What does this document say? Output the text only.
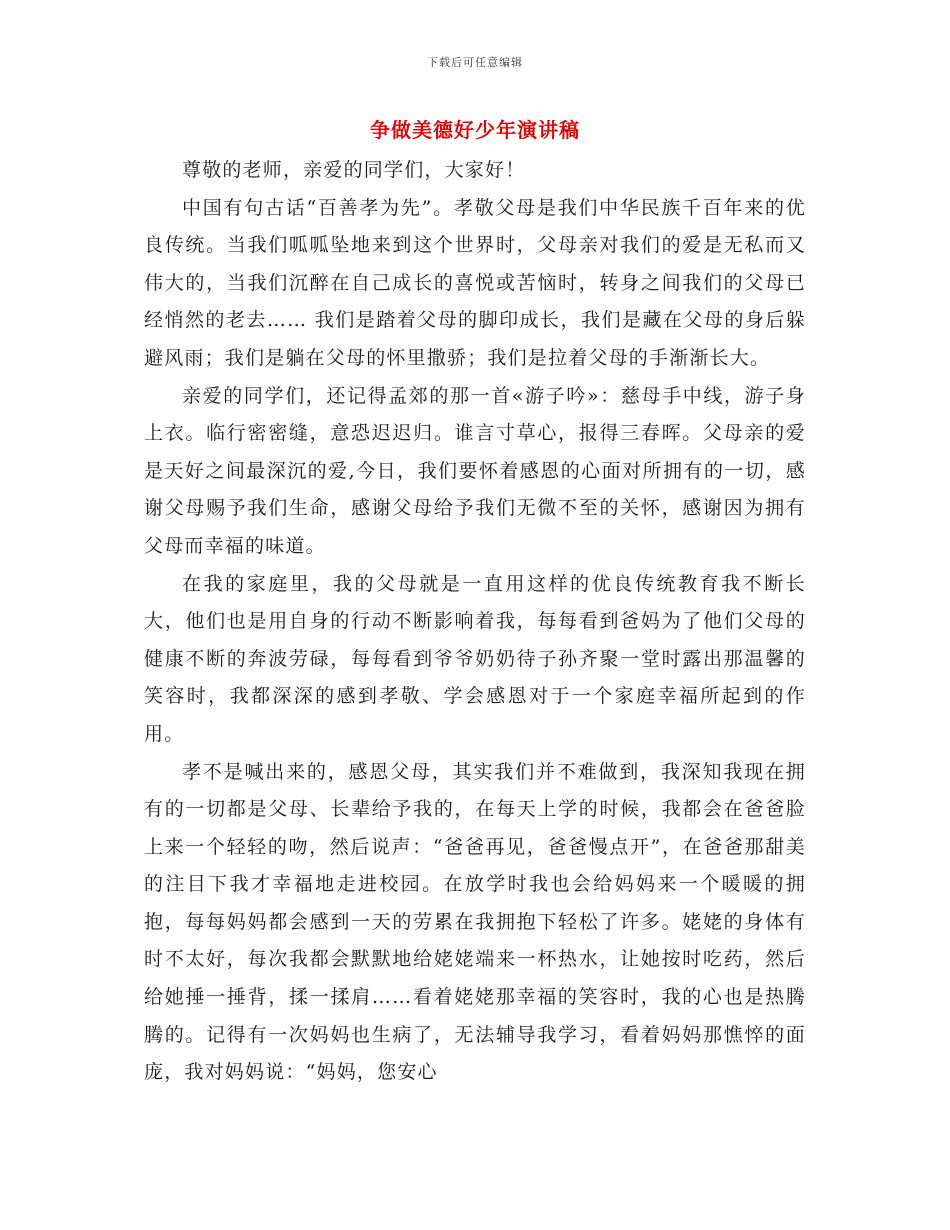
下载后可任意编辑
争做美德好少年演讲稿

尊敬的老师，亲爱的同学们，大家好！

中国有句古话“百善孝为先”。孝敬父母是我们中华民族千百年来的优良传统。当我们呱呱坠地来到这个世界时，父母亲对我们的爱是无私而又伟大的，当我们沉醉在自己成长的喜悦或苦恼时，转身之间我们的父母已经悄然的老去…… 我们是踏着父母的脚印成长，我们是藏在父母的身后躲避风雨；我们是躺在父母的怀里撒骄；我们是拉着父母的手渐渐长大。

亲爱的同学们，还记得孟郊的那一首«游子吟»：慈母手中线，游子身上衣。临行密密缝，意恐迟迟归。谁言寸草心，报得三春晖。父母亲的爱是天好之间最深沉的爱,今日，我们要怀着感恩的心面对所拥有的一切，感谢父母赐予我们生命，感谢父母给予我们无微不至的关怀，感谢因为拥有父母而幸福的味道。

在我的家庭里，我的父母就是一直用这样的优良传统教育我不断长大，他们也是用自身的行动不断影响着我，每每看到爸妈为了他们父母的健康不断的奔波劳碌，每每看到爷爷奶奶待子孙齐聚一堂时露出那温馨的笑容时，我都深深的感到孝敬、学会感恩对于一个家庭幸福所起到的作用。

孝不是喊出来的，感恩父母，其实我们并不难做到，我深知我现在拥有的一切都是父母、长辈给予我的，在每天上学的时候，我都会在爸爸脸上来一个轻轻的吻，然后说声：“爸爸再见，爸爸慢点开”，在爸爸那甜美的注目下我才幸福地走进校园。在放学时我也会给妈妈来一个暖暖的拥抱，每每妈妈都会感到一天的劳累在我拥抱下轻松了许多。姥姥的身体有时不太好，每次我都会默默地给姥姥端来一杯热水，让她按时吃药，然后给她捶一捶背，揉一揉肩……看着姥姥那幸福的笑容时，我的心也是热腾腾的。记得有一次妈妈也生病了，无法辅导我学习，看着妈妈那憔悴的面庞，我对妈妈说：“妈妈，您安心
